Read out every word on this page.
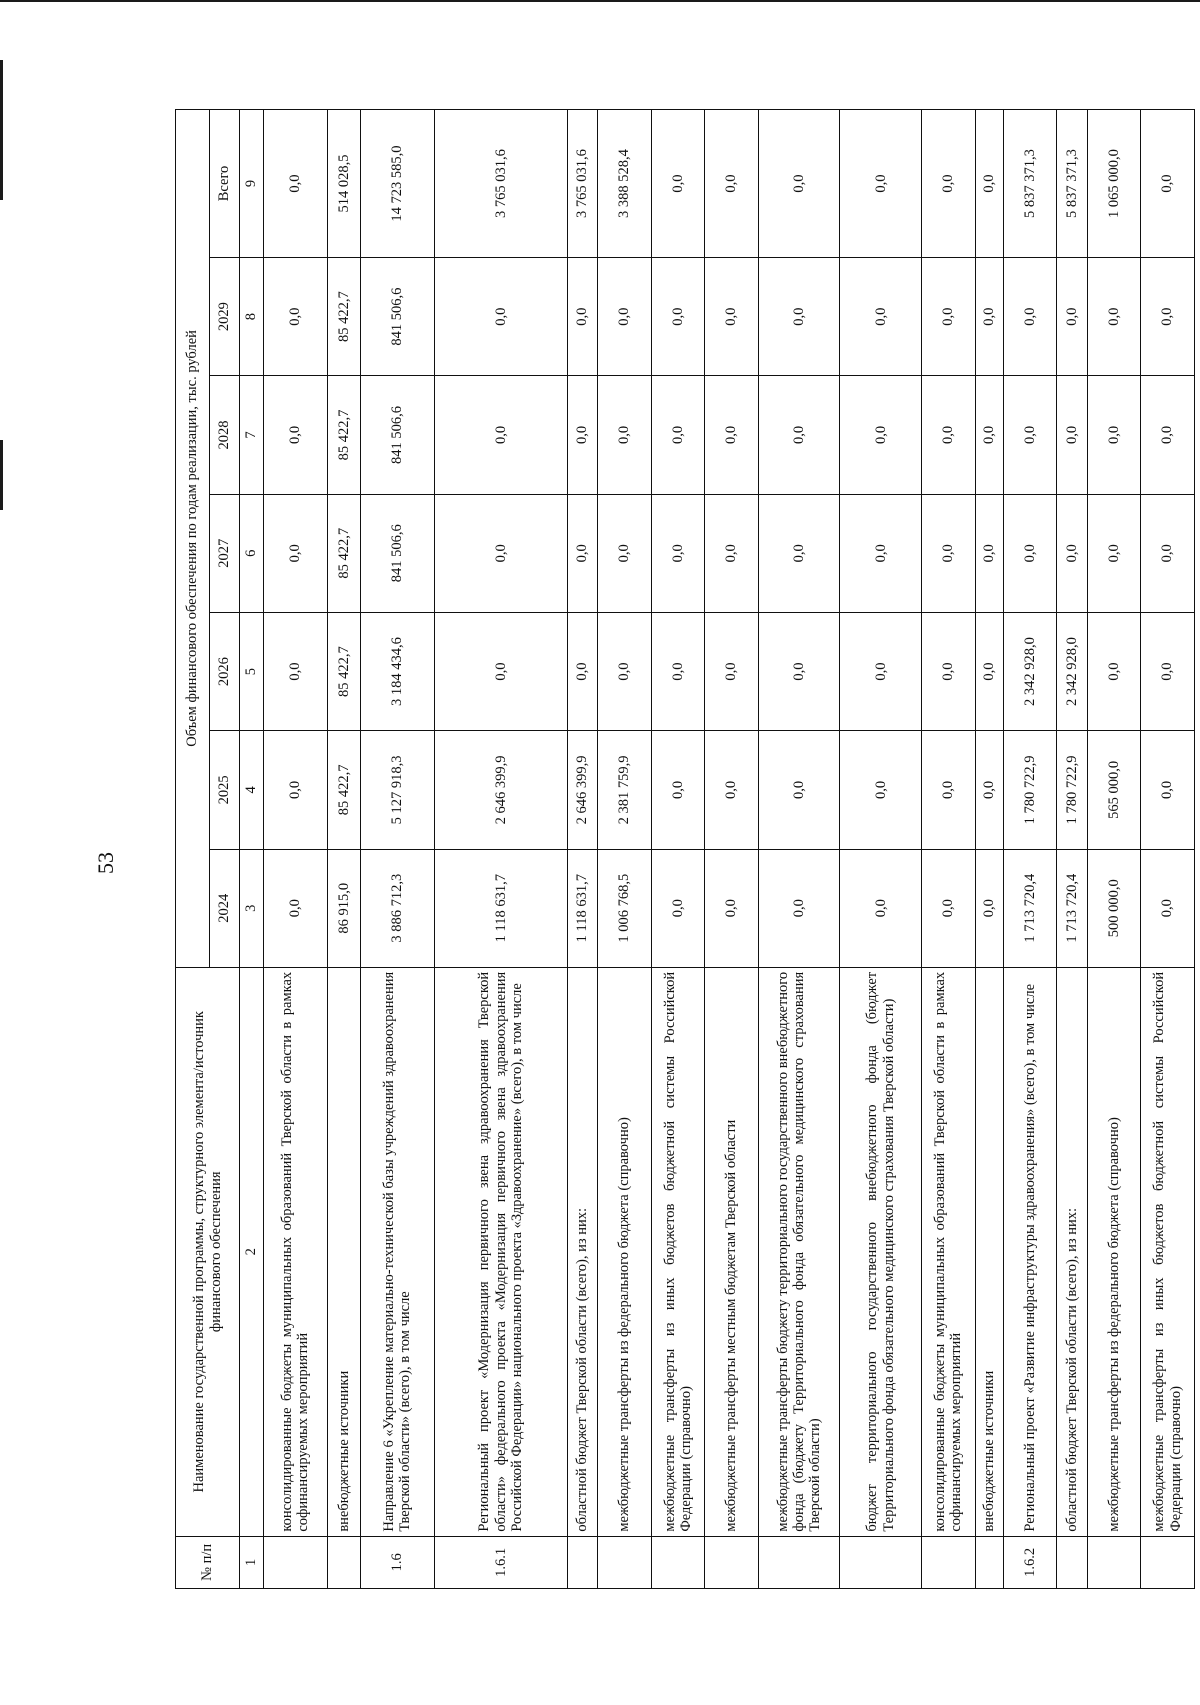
53
№ п/п	Наименование государственной программы, структурного элемента/источник финансового обеспечения	Объем финансового обеспечения по годам реализации, тыс. рублей						
		2024	2025	2026	2027	2028	2029	Всего
1	2	3	4	5	6	7	8	9
	консолидированные бюджеты муниципальных образований Тверской области в рамках софинансируемых мероприятий	0,0	0,0	0,0	0,0	0,0	0,0	0,0
	внебюджетные источники	86 915,0	85 422,7	85 422,7	85 422,7	85 422,7	85 422,7	514 028,5
1.6	Направление 6 «Укрепление материально-технической базы учреждений здравоохранения Тверской области» (всего), в том числе	3 886 712,3	5 127 918,3	3 184 434,6	841 506,6	841 506,6	841 506,6	14 723 585,0
1.6.1	Региональный проект «Модернизация первичного звена здравоохранения Тверской области» федерального проекта «Модернизация первичного звена здравоохранения Российской Федерации» национального проекта «Здравоохранение» (всего), в том числе	1 118 631,7	2 646 399,9	0,0	0,0	0,0	0,0	3 765 031,6
	областной бюджет Тверской области (всего), из них:	1 118 631,7	2 646 399,9	0,0	0,0	0,0	0,0	3 765 031,6
	межбюджетные трансферты из федерального бюджета (справочно)	1 006 768,5	2 381 759,9	0,0	0,0	0,0	0,0	3 388 528,4
	межбюджетные трансферты из иных бюджетов бюджетной системы Российской Федерации (справочно)	0,0	0,0	0,0	0,0	0,0	0,0	0,0
	межбюджетные трансферты местным бюджетам Тверской области	0,0	0,0	0,0	0,0	0,0	0,0	0,0
	межбюджетные трансферты бюджету территориального государственного внебюджетного фонда (бюджету Территориального фонда обязательного медицинского страхования Тверской области)	0,0	0,0	0,0	0,0	0,0	0,0	0,0
	бюджет территориального государственного внебюджетного фонда (бюджет Территориального фонда обязательного медицинского страхования Тверской области)	0,0	0,0	0,0	0,0	0,0	0,0	0,0
	консолидированные бюджеты муниципальных образований Тверской области в рамках софинансируемых мероприятий	0,0	0,0	0,0	0,0	0,0	0,0	0,0
	внебюджетные источники	0,0	0,0	0,0	0,0	0,0	0,0	0,0
1.6.2	Региональный проект «Развитие инфраструктуры здравоохранения» (всего), в том числе	1 713 720,4	1 780 722,9	2 342 928,0	0,0	0,0	0,0	5 837 371,3
	областной бюджет Тверской области (всего), из них:	1 713 720,4	1 780 722,9	2 342 928,0	0,0	0,0	0,0	5 837 371,3
	межбюджетные трансферты из федерального бюджета (справочно)	500 000,0	565 000,0	0,0	0,0	0,0	0,0	1 065 000,0
	межбюджетные трансферты из иных бюджетов бюджетной системы Российской Федерации (справочно)	0,0	0,0	0,0	0,0	0,0	0,0	0,0
